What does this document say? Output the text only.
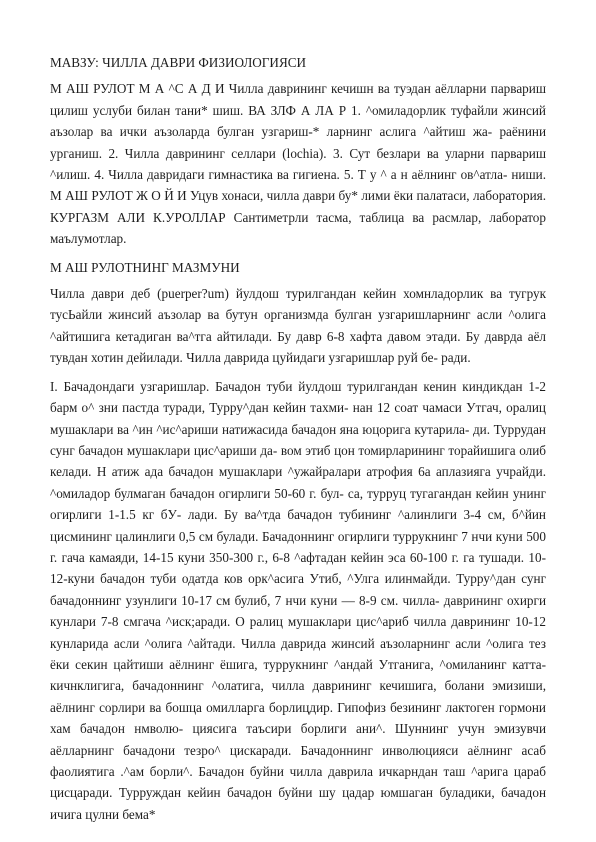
МАВЗУ: ЧИЛЛА ДАВРИ ФИЗИОЛОГИЯСИ

М АШ РУЛОТ М А ^С А Д И Чилла даврининг кечишн ва туэдан аёлларни парвариш цилиш услуби билан тани* шиш. ВА ЗЛФ А ЛА Р 1. ^омиладорлик туфайли жинсий аъзолар ва ички аъзоларда булган узгариш-* ларнинг аслига ^айтиш жа- раёнини урганиш. 2. Чилла даврининг селлари (lochia). 3. Сут безлари ва уларни парвариш ^илиш. 4. Чилла давридаги гимнастика ва гигиена. 5. Т у ^ а н аёлнинг ов^атла- ниши. М АШ РУЛОТ Ж О Й И Уцув хонаси, чилла даври бу* лими ёки палатаси, лаборатория. КУРГАЗМ АЛИ К.УРОЛЛАР Сантиметрли тасма, таблица ва расмлар, лаборатор маълумотлар.

М АШ РУЛОТНИНГ МАЗМУНИ

Чилла даври деб (puerper?um) йулдош турилгандан кейин хомнладорлик ва тугрук тусЬайли жинсий аъзолар ва бутун организмда булган узгаришларнинг асли ^олига ^айтишига кетадиган ва^тга айтилади. Бу давр 6-8 хафта давом этади. Бу даврда аёл тувдан хотин дейилади. Чилла даврида цуйидаги узгаришлар руй бе- ради.

I. Бачадондаги узгаришлар. Бачадон туби йулдош турилгандан кенин киндикдан 1-2 барм о^ зни пастда туради, Турру^дан кейин тахми- нан 12 соат чамаси Утгач, оралиц мушаклари ва ^ин ^ис^ариши натижасида бачадон яна юцорига кутарила- ди. Туррудан сунг бачадон мушаклари цис^ариши да- вом этиб цон томирларининг торайишига олиб келади. Н атиж ада бачадон мушаклари ^ужайралари атрофия 6а аплазияга учрайди. ^омиладор булмаган бачадон огирлиги 50-60 г. бул- са, турруц тугагандан кейин унинг огирлиги 1-1.5 кг бУ- лади. Бу ва^тда бачадон тубининг ^алинлиги 3-4 см, б^йин цисмининг цалинлиги 0,5 см булади. Бачадоннинг огирлиги туррукнинг 7 нчи куни 500 г. гача камаяди, 14-15 куни 350-300 г., 6-8 ^афтадан кейин эса 60-100 г. га тушади. 10-12-куни бачадон туби одатда ков орк^асига Утиб, ^Улга илинмайди. Турру^дан сунг бачадоннинг узунлиги 10-17 см булиб, 7 нчи куни — 8-9 см. чилла- даврининг охирги кунлари 7-8 смгача ^иск;аради. О ралиц мушаклари цис^ариб чилла даврининг 10-12 кунларида асли ^олига ^айтади. Чилла даврида жинсий аъзоларнинг асли ^олига тез ёки секин цайтиши аёлнинг ёшига, туррукнинг ^андай Утганига, ^омиланинг катта-кичнклигига, бачадоннинг ^олатига, чилла даврининг кечишига, болани эмизиши, аёлнинг сорлири ва бошца омилларга борлицдир. Гипофиз безининг лактоген гормони хам бачадон нмволю- циясига таъсири борлиги ани^. Шуннинг учун эмизувчи аёлларнинг бачадони тезро^ цискаради. Бачадоннинг инволюцияси аёлнинг асаб фаолиятига .^ам борли^. Бачадон буйни чилла даврила ичкарндан таш ^арига цараб цисцаради. Турруждан кейин бачадон буйни шу цадар юмшаган буладики, бачадон ичига цулни бема*
